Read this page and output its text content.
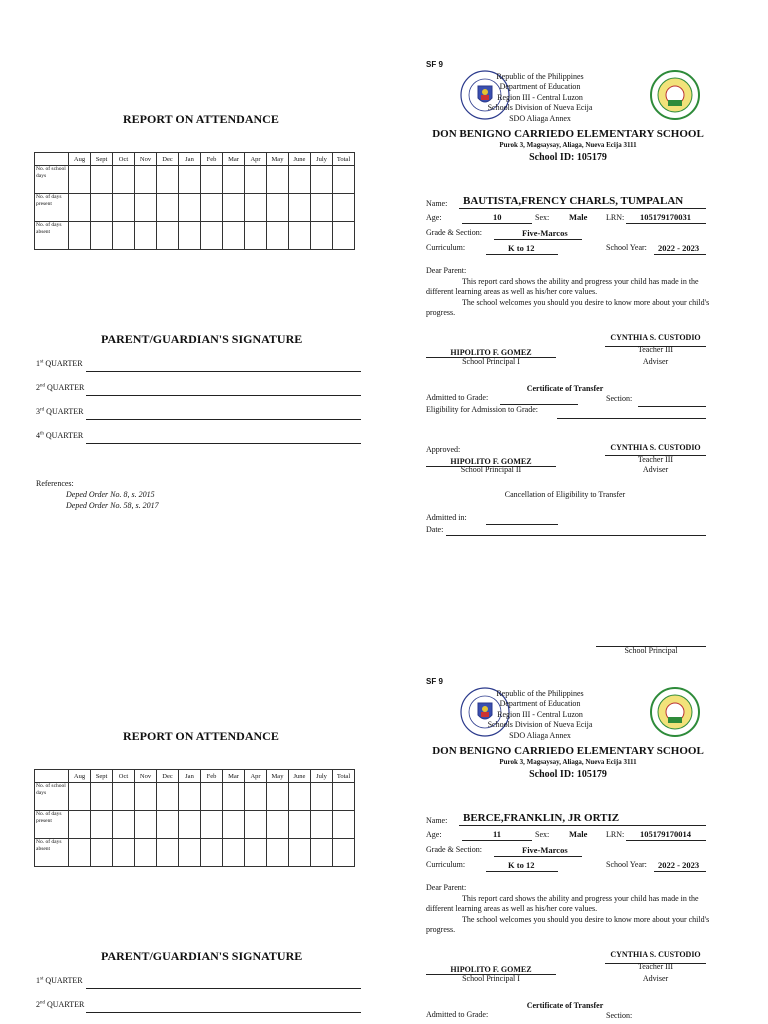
REPORT ON ATTENDANCE
	Aug	Sept	Oct	Nov	Dec	Jan	Feb	Mar	Apr	May	June	July	Total
No. of school days													
No. of days present													
No. of days absent													
PARENT/GUARDIAN'S SIGNATURE
1st QUARTER
2nd QUARTER
3rd QUARTER
4th QUARTER
References:
Deped Order No. 8, s. 2015
Deped Order No. 58, s. 2017
SF 9
Republic of the Philippines
Department of Education
Region III - Central Luzon
Schools Division of Nueva Ecija
SDO Aliaga Annex
DON BENIGNO CARRIEDO ELEMENTARY SCHOOL
Purok 3, Magsaysay, Aliaga, Nueva Ecija 3111
School ID: 105179
Name: BAUTISTA,FRENCY CHARLS, TUMPALAN
Age:	10	Sex: Male LRN: 105179170031
Grade & Section:	Five-Marcos
Curriculum:	K to 12	School Year: 2022 - 2023
Dear Parent:
This report card shows the ability and progress your child has made in the different learning areas as well as his/her core values.
The school welcomes you should you desire to know more about your child's progress.
CYNTHIA S. CUSTODIO
Teacher III
Adviser
HIPOLITO F. GOMEZ
School Principal I
Certificate of Transfer
Admitted to Grade:	Section:
Eligibility for Admission to Grade:
Approved:	CYNTHIA S. CUSTODIO
Teacher III
Adviser
HIPOLITO F. GOMEZ
School Principal II
Cancellation of Eligibility to Transfer
Admitted in:
Date:
School Principal
REPORT ON ATTENDANCE
	Aug	Sept	Oct	Nov	Dec	Jan	Feb	Mar	Apr	May	June	July	Total
No. of school days													
No. of days present													
No. of days absent													
PARENT/GUARDIAN'S SIGNATURE
1st QUARTER
2nd QUARTER
SF 9
Republic of the Philippines
Department of Education
Region III - Central Luzon
Schools Division of Nueva Ecija
SDO Aliaga Annex
DON BENIGNO CARRIEDO ELEMENTARY SCHOOL
Purok 3, Magsaysay, Aliaga, Nueva Ecija 3111
School ID: 105179
Name: BERCE,FRANKLIN, JR ORTIZ
Age:	11	Sex: Male LRN: 105179170014
Grade & Section:	Five-Marcos
Curriculum:	K to 12	School Year: 2022 - 2023
Dear Parent:
This report card shows the ability and progress your child has made in the different learning areas as well as his/her core values.
The school welcomes you should you desire to know more about your child's progress.
CYNTHIA S. CUSTODIO
Teacher III
Adviser
HIPOLITO F. GOMEZ
School Principal I
Certificate of Transfer
Admitted to Grade:	Section:
